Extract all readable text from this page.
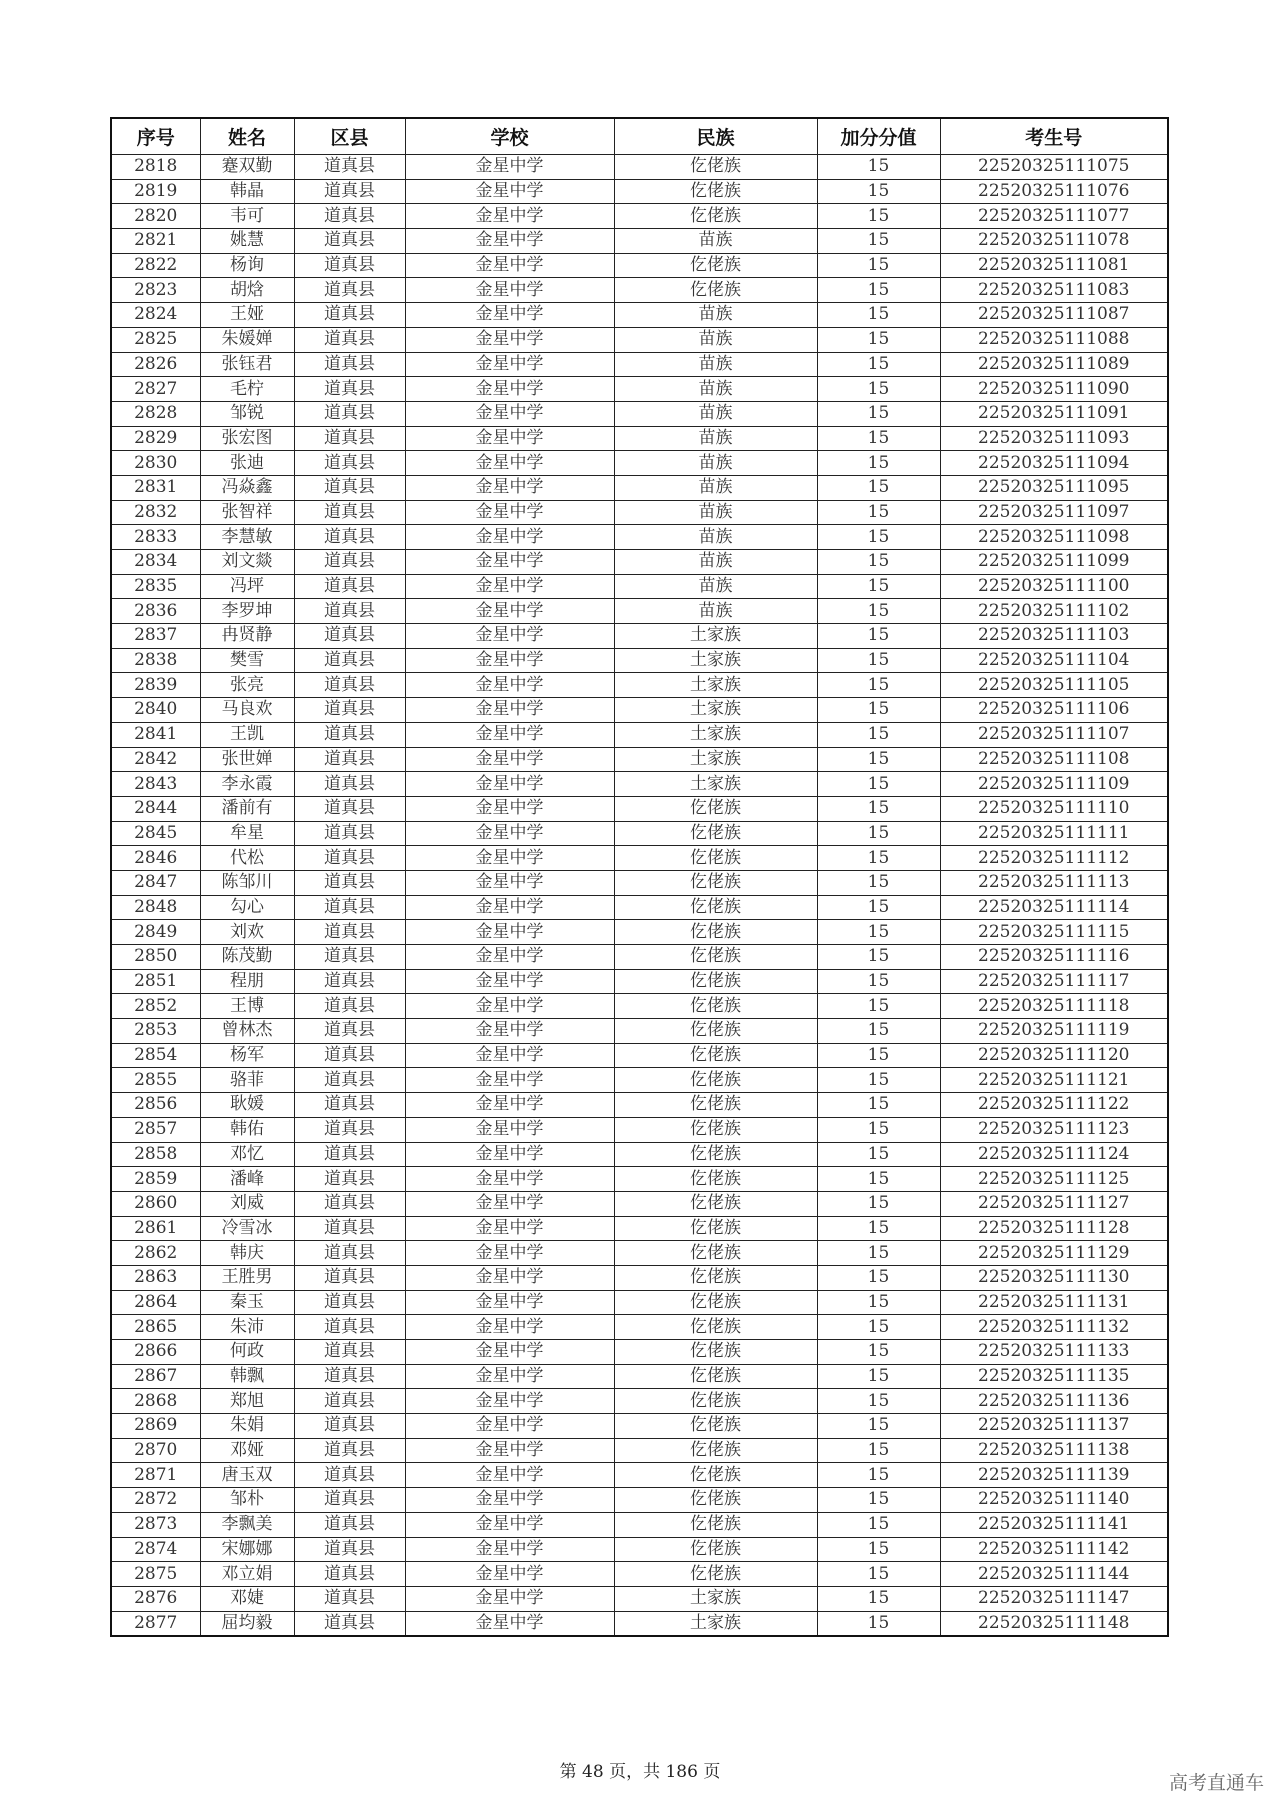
序号	姓名	区县	学校	民族	加分分值	考生号
2818	蹇双勤	道真县	金星中学	仡佬族	15	22520325111075
2819	韩晶	道真县	金星中学	仡佬族	15	22520325111076
2820	韦可	道真县	金星中学	仡佬族	15	22520325111077
2821	姚慧	道真县	金星中学	苗族	15	22520325111078
2822	杨询	道真县	金星中学	仡佬族	15	22520325111081
2823	胡焓	道真县	金星中学	仡佬族	15	22520325111083
2824	王娅	道真县	金星中学	苗族	15	22520325111087
2825	朱媛婵	道真县	金星中学	苗族	15	22520325111088
2826	张钰君	道真县	金星中学	苗族	15	22520325111089
2827	毛柠	道真县	金星中学	苗族	15	22520325111090
2828	邹锐	道真县	金星中学	苗族	15	22520325111091
2829	张宏图	道真县	金星中学	苗族	15	22520325111093
2830	张迪	道真县	金星中学	苗族	15	22520325111094
2831	冯焱鑫	道真县	金星中学	苗族	15	22520325111095
2832	张智祥	道真县	金星中学	苗族	15	22520325111097
2833	李慧敏	道真县	金星中学	苗族	15	22520325111098
2834	刘文燚	道真县	金星中学	苗族	15	22520325111099
2835	冯坪	道真县	金星中学	苗族	15	22520325111100
2836	李罗坤	道真县	金星中学	苗族	15	22520325111102
2837	冉贤静	道真县	金星中学	土家族	15	22520325111103
2838	樊雪	道真县	金星中学	土家族	15	22520325111104
2839	张亮	道真县	金星中学	土家族	15	22520325111105
2840	马良欢	道真县	金星中学	土家族	15	22520325111106
2841	王凯	道真县	金星中学	土家族	15	22520325111107
2842	张世婵	道真县	金星中学	土家族	15	22520325111108
2843	李永霞	道真县	金星中学	土家族	15	22520325111109
2844	潘前有	道真县	金星中学	仡佬族	15	22520325111110
2845	牟星	道真县	金星中学	仡佬族	15	22520325111111
2846	代松	道真县	金星中学	仡佬族	15	22520325111112
2847	陈邹川	道真县	金星中学	仡佬族	15	22520325111113
2848	勾心	道真县	金星中学	仡佬族	15	22520325111114
2849	刘欢	道真县	金星中学	仡佬族	15	22520325111115
2850	陈茂勤	道真县	金星中学	仡佬族	15	22520325111116
2851	程朋	道真县	金星中学	仡佬族	15	22520325111117
2852	王博	道真县	金星中学	仡佬族	15	22520325111118
2853	曾林杰	道真县	金星中学	仡佬族	15	22520325111119
2854	杨军	道真县	金星中学	仡佬族	15	22520325111120
2855	骆菲	道真县	金星中学	仡佬族	15	22520325111121
2856	耿媛	道真县	金星中学	仡佬族	15	22520325111122
2857	韩佑	道真县	金星中学	仡佬族	15	22520325111123
2858	邓忆	道真县	金星中学	仡佬族	15	22520325111124
2859	潘峰	道真县	金星中学	仡佬族	15	22520325111125
2860	刘威	道真县	金星中学	仡佬族	15	22520325111127
2861	冷雪冰	道真县	金星中学	仡佬族	15	22520325111128
2862	韩庆	道真县	金星中学	仡佬族	15	22520325111129
2863	王胜男	道真县	金星中学	仡佬族	15	22520325111130
2864	秦玉	道真县	金星中学	仡佬族	15	22520325111131
2865	朱沛	道真县	金星中学	仡佬族	15	22520325111132
2866	何政	道真县	金星中学	仡佬族	15	22520325111133
2867	韩飘	道真县	金星中学	仡佬族	15	22520325111135
2868	郑旭	道真县	金星中学	仡佬族	15	22520325111136
2869	朱娟	道真县	金星中学	仡佬族	15	22520325111137
2870	邓娅	道真县	金星中学	仡佬族	15	22520325111138
2871	唐玉双	道真县	金星中学	仡佬族	15	22520325111139
2872	邹朴	道真县	金星中学	仡佬族	15	22520325111140
2873	李飘美	道真县	金星中学	仡佬族	15	22520325111141
2874	宋娜娜	道真县	金星中学	仡佬族	15	22520325111142
2875	邓立娟	道真县	金星中学	仡佬族	15	22520325111144
2876	邓婕	道真县	金星中学	土家族	15	22520325111147
2877	屈均毅	道真县	金星中学	土家族	15	22520325111148
第 48 页，共 186 页	高考直通车
